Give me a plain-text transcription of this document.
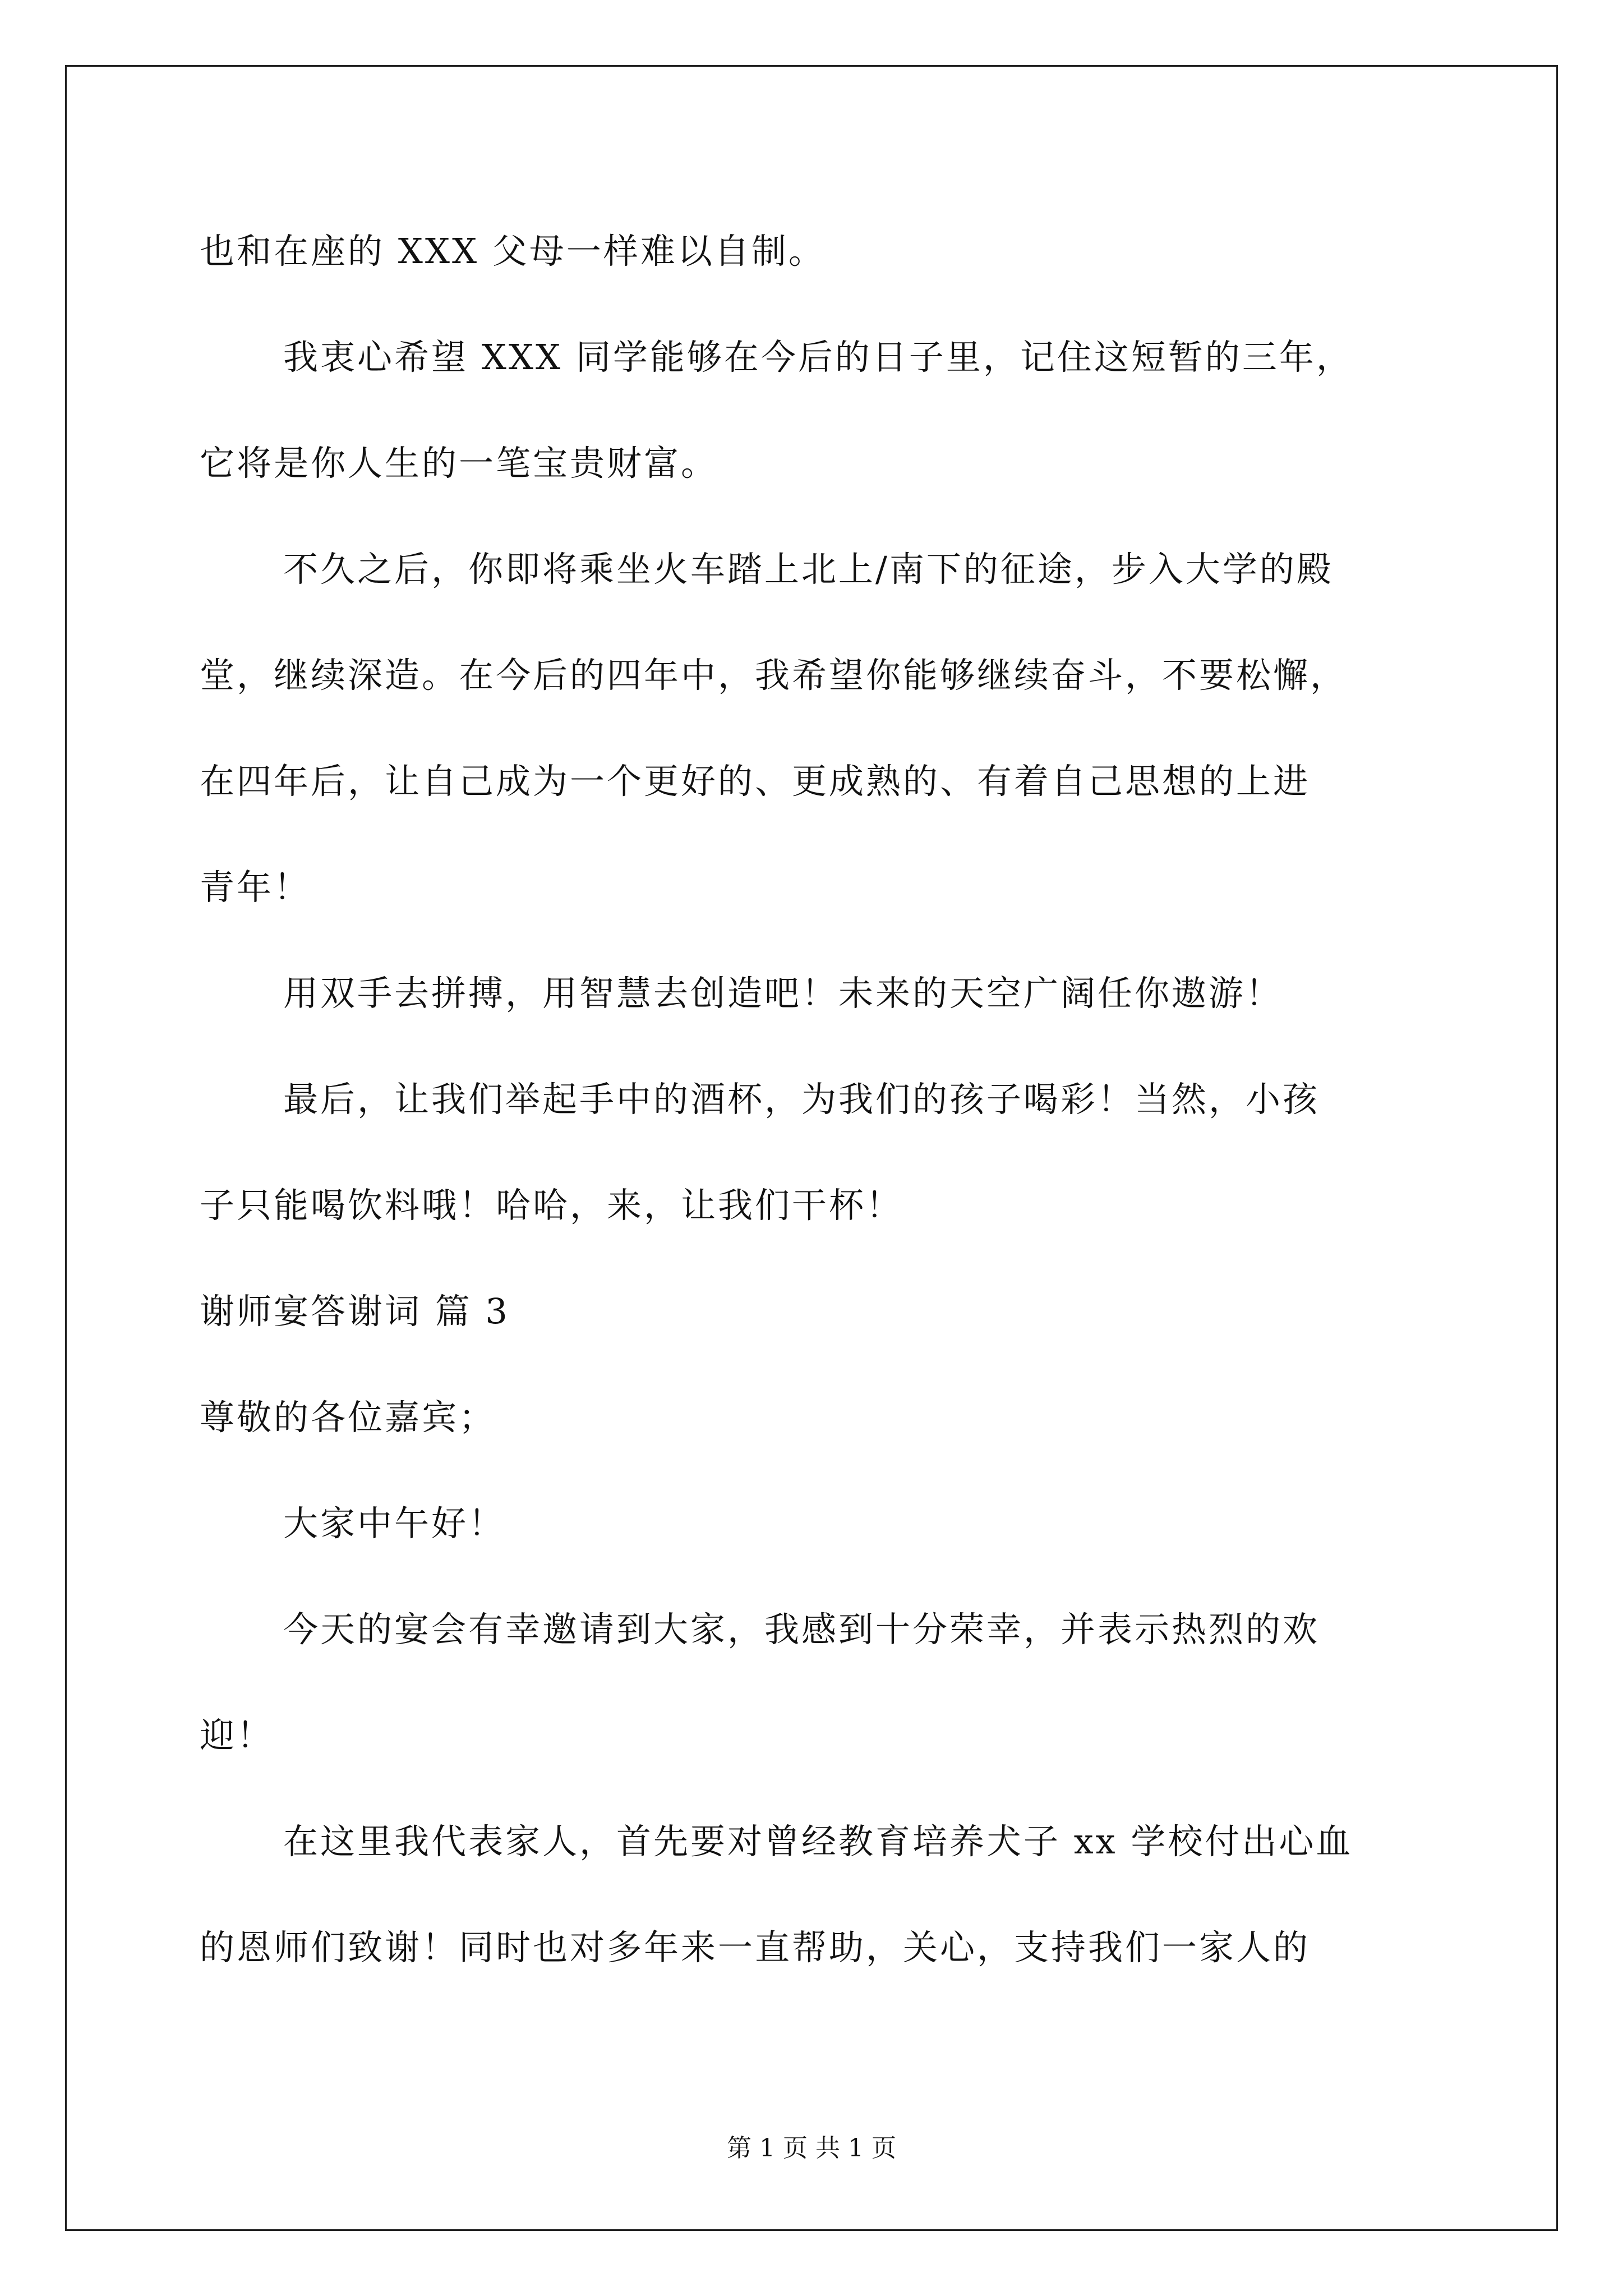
也和在座的 XXX 父母一样难以自制。
我衷心希望 XXX 同学能够在今后的日子里，记住这短暂的三年，
它将是你人生的一笔宝贵财富。
不久之后，你即将乘坐火车踏上北上/南下的征途，步入大学的殿
堂，继续深造。在今后的四年中，我希望你能够继续奋斗，不要松懈，
在四年后，让自己成为一个更好的、更成熟的、有着自己思想的上进
青年！
用双手去拼搏，用智慧去创造吧！未来的天空广阔任你遨游！
最后，让我们举起手中的酒杯，为我们的孩子喝彩！当然，小孩
子只能喝饮料哦！哈哈，来，让我们干杯！
谢师宴答谢词 篇 3
尊敬的各位嘉宾；
大家中午好！
今天的宴会有幸邀请到大家，我感到十分荣幸，并表示热烈的欢
迎！
在这里我代表家人，首先要对曾经教育培养犬子 xx 学校付出心血
的恩师们致谢！同时也对多年来一直帮助，关心，支持我们一家人的
第 1 页 共 1 页
